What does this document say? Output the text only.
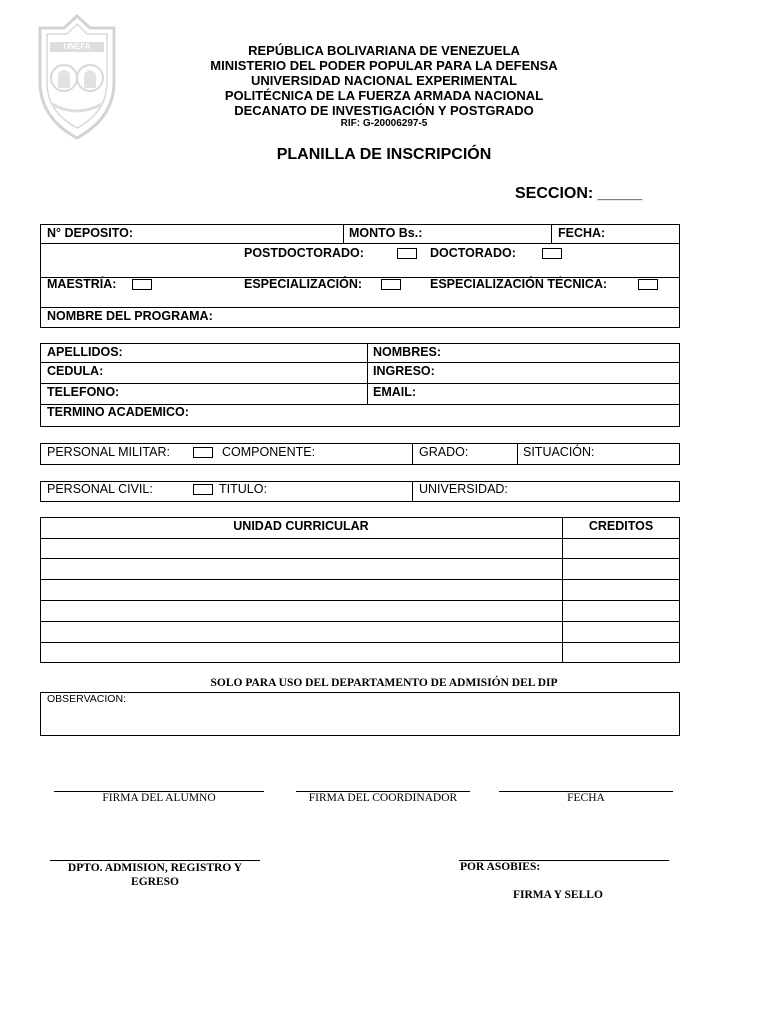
UNEFA	REPÚBLICA BOLIVARIANA DE VENEZUELA
MINISTERIO DEL PODER POPULAR PARA LA DEFENSA
UNIVERSIDAD NACIONAL EXPERIMENTAL
POLITÉCNICA DE LA FUERZA ARMADA NACIONAL
DECANATO DE INVESTIGACIÓN Y POSTGRADO
RIF: G-20006297-5
PLANILLA DE INSCRIPCIÓN
SECCION: _____
N° DEPOSITO:	MONTO Bs.:	FECHA:
POSTDOCTORADO:	DOCTORADO:
MAESTRÍA:	ESPECIALIZACIÓN:	ESPECIALIZACIÓN TÉCNICA:
NOMBRE DEL PROGRAMA:
APELLIDOS:	NOMBRES:
CEDULA:	INGRESO:
TELEFONO:	EMAIL:
TERMINO ACADEMICO:
PERSONAL MILITAR:	COMPONENTE:	GRADO:	SITUACIÓN:
PERSONAL CIVIL:	TITULO:	UNIVERSIDAD:
UNIDAD CURRICULAR	CREDITOS
SOLO PARA USO DEL DEPARTAMENTO DE ADMISIÓN DEL DIP
OBSERVACION:
FIRMA DEL ALUMNO	FIRMA DEL COORDINADOR	FECHA
DPTO. ADMISION, REGISTRO Y
EGRESO
POR ASOBIES:
FIRMA Y SELLO
